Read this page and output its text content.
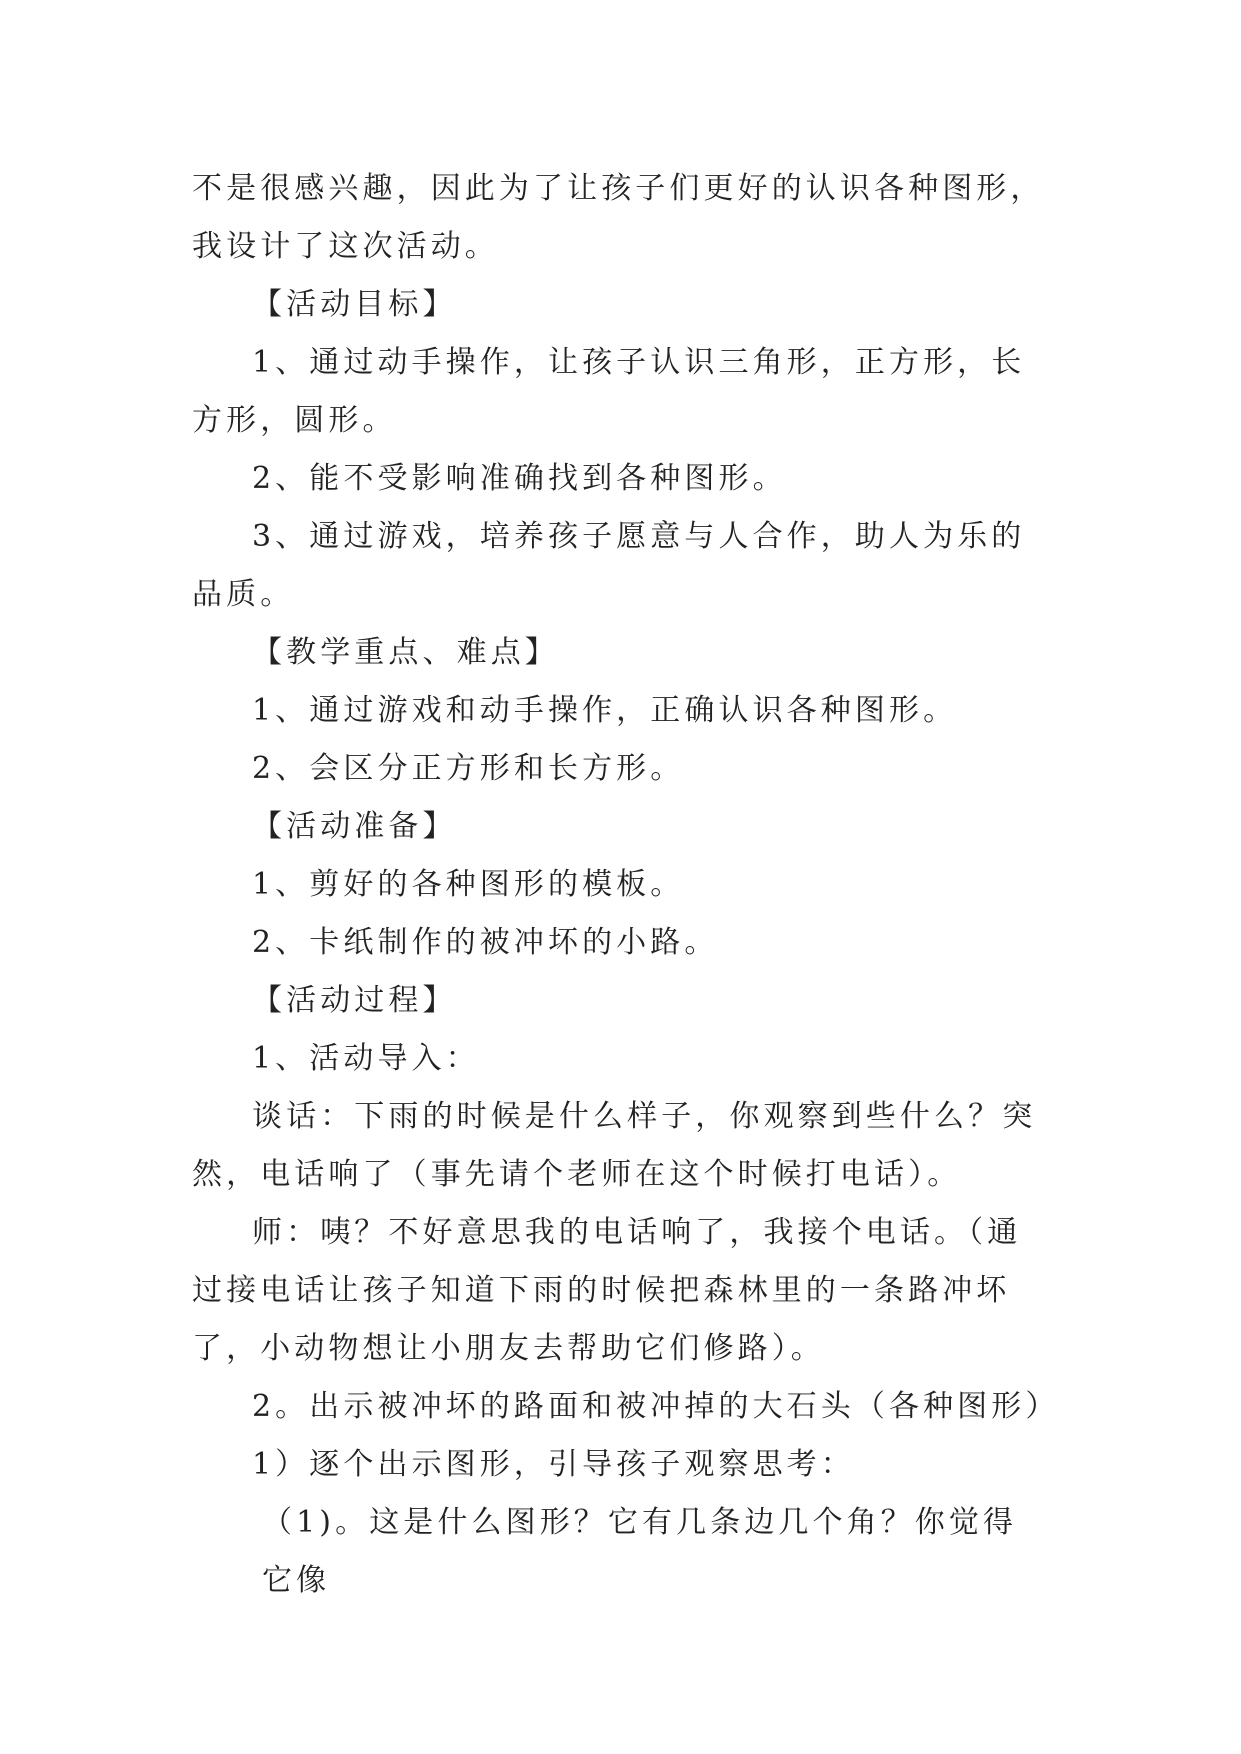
不是很感兴趣，因此为了让孩子们更好的认识各种图形，我设计了这次活动。

【活动目标】

1、通过动手操作，让孩子认识三角形，正方形，长方形，圆形。

2、能不受影响准确找到各种图形。

3、通过游戏，培养孩子愿意与人合作，助人为乐的品质。

【教学重点、难点】

1、通过游戏和动手操作，正确认识各种图形。

2、会区分正方形和长方形。

【活动准备】

1、剪好的各种图形的模板。

2、卡纸制作的被冲坏的小路。

【活动过程】

1、活动导入：

谈话：下雨的时候是什么样子，你观察到些什么？突然，电话响了（事先请个老师在这个时候打电话）。

师：咦？不好意思我的电话响了，我接个电话。（通过接电话让孩子知道下雨的时候把森林里的一条路冲坏了，小动物想让小朋友去帮助它们修路）。

2。出示被冲坏的路面和被冲掉的大石头（各种图形）

1）逐个出示图形，引导孩子观察思考：

（1)。这是什么图形？它有几条边几个角？你觉得它像
